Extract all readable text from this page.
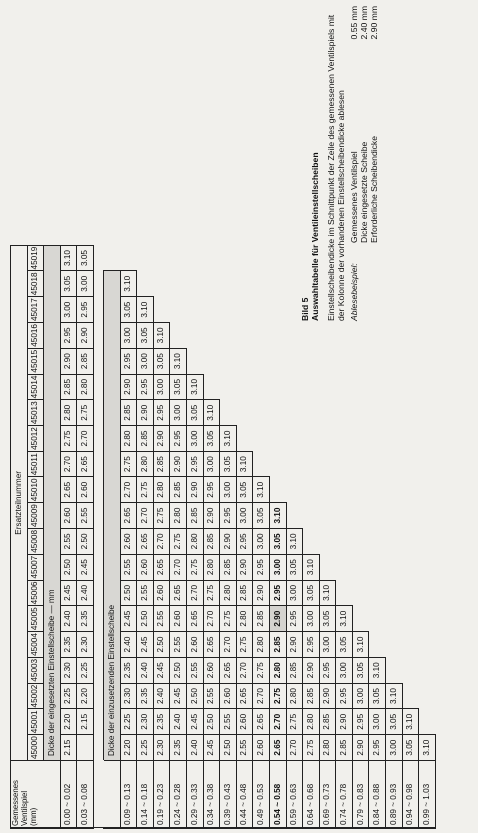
Gemessenes Ventilspiel (mm)	Ersatzteilnummer																			
	45000	45001	45002	45003	45004	45005	45006	45007	45008	45009	45010	45011	45012	45013	45014	45015	45016	45017	45018	45019
	Dicke der eingesetzten Einstellscheibe — mm																			
0.00 ~ 0.02	2.15	2.20	2.25	2.30	2.35	2.40	2.45	2.50	2.55	2.60	2.65	2.70	2.75	2.80	2.85	2.90	2.95	3.00	3.05	3.10
0.03 ~ 0.08		2.15	2.20	2.25	2.30	2.35	2.40	2.45	2.50	2.55	2.60	2.65	2.70	2.75	2.80	2.85	2.90	2.95	3.00	3.05

	Dicke der einzusetzenden Einstellscheibe																			
0.09 ~ 0.13	2.20	2.25	2.30	2.35	2.40	2.45	2.50	2.55	2.60	2.65	2.70	2.75	2.80	2.85	2.90	2.95	3.00	3.05	3.10	
0.14 ~ 0.18	2.25	2.30	2.35	2.40	2.45	2.50	2.55	2.60	2.65	2.70	2.75	2.80	2.85	2.90	2.95	3.00	3.05	3.10		
0.19 ~ 0.23	2.30	2.35	2.40	2.45	2.50	2.55	2.60	2.65	2.70	2.75	2.80	2.85	2.90	2.95	3.00	3.05	3.10			
0.24 ~ 0.28	2.35	2.40	2.45	2.50	2.55	2.60	2.65	2.70	2.75	2.80	2.85	2.90	2.95	3.00	3.05	3.10				
0.29 ~ 0.33	2.40	2.45	2.50	2.55	2.60	2.65	2.70	2.75	2.80	2.85	2.90	2.95	3.00	3.05	3.10					
0.34 ~ 0.38	2.45	2.50	2.55	2.60	2.65	2.70	2.75	2.80	2.85	2.90	2.95	3.00	3.05	3.10						
0.39 ~ 0.43	2.50	2.55	2.60	2.65	2.70	2.75	2.80	2.85	2.90	2.95	3.00	3.05	3.10							
0.44 ~ 0.48	2.55	2.60	2.65	2.70	2.75	2.80	2.85	2.90	2.95	3.00	3.05	3.10								
0.49 ~ 0.53	2.60	2.65	2.70	2.75	2.80	2.85	2.90	2.95	3.00	3.05	3.10									
0.54 ~ 0.58	2.65	2.70	2.75	2.80	2.85	2.90	2.95	3.00	3.05	3.10										
0.59 ~ 0.63	2.70	2.75	2.80	2.85	2.90	2.95	3.00	3.05	3.10											
0.64 ~ 0.68	2.75	2.80	2.85	2.90	2.95	3.00	3.05	3.10												
0.69 ~ 0.73	2.80	2.85	2.90	2.95	3.00	3.05	3.10													
0.74 ~ 0.78	2.85	2.90	2.95	3.00	3.05	3.10														
0.79 ~ 0.83	2.90	2.95	3.00	3.05	3.10															
0.84 ~ 0.88	2.95	3.00	3.05	3.10																
0.89 ~ 0.93	3.00	3.05	3.10																	
0.94 ~ 0.98	3.05	3.10																		
0.99 ~ 1.03	3.10																			
Bild 5 Auswahltabelle für Ventileinstellscheiben Einstellscheibendicke im Schnittpunkt der Zeile des gemessenen Ventilspiels mit der Kolonne der vorhandenen Einstellscheibendicke ablesen Ablesebeispiel:
Gemessenes Ventilspiel
0.55 mm
Dicke eingesetzte Scheibe
2.40 mm
Erforderliche Scheibendicke
2.90 mm
